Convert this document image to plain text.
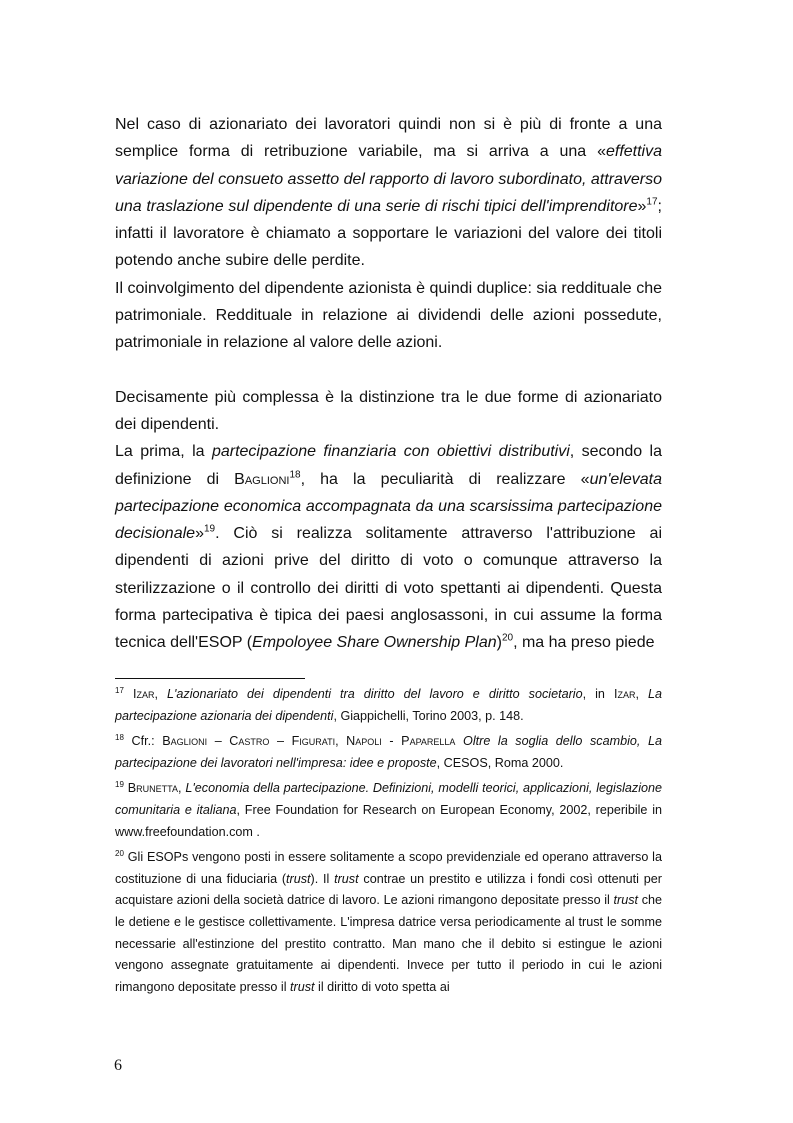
Nel caso di azionariato dei lavoratori quindi non si è più di fronte a una semplice forma di retribuzione variabile, ma si arriva a una «effettiva variazione del consueto assetto del rapporto di lavoro subordinato, attraverso una traslazione sul dipendente di una serie di rischi tipici dell'imprenditore»$^{17}$; infatti il lavoratore è chiamato a sopportare le variazioni del valore dei titoli potendo anche subire delle perdite.

Il coinvolgimento del dipendente azionista è quindi duplice: sia reddituale che patrimoniale. Reddituale in relazione ai dividendi delle azioni possedute, patrimoniale in relazione al valore delle azioni.

Decisamente più complessa è la distinzione tra le due forme di azionariato dei dipendenti.

La prima, la partecipazione finanziaria con obiettivi distributivi, secondo la definizione di Baglioni$^{18}$, ha la peculiarità di realizzare «un'elevata partecipazione economica accompagnata da una scarsissima partecipazione decisionale»$^{19}$. Ciò si realizza solitamente attraverso l'attribuzione ai dipendenti di azioni prive del diritto di voto o comunque attraverso la sterilizzazione o il controllo dei diritti di voto spettanti ai dipendenti. Questa forma partecipativa è tipica dei paesi anglosassoni, in cui assume la forma tecnica dell'ESOP (Empoloyee Share Ownership Plan)$^{20}$, ma ha preso piede

$^{17}$ Izar, L'azionariato dei dipendenti tra diritto del lavoro e diritto societario, in Izar, La partecipazione azionaria dei dipendenti, Giappichelli, Torino 2003, p. 148.

$^{18}$ Cfr.: Baglioni – Castro – Figurati, Napoli - Paparella Oltre la soglia dello scambio, La partecipazione dei lavoratori nell'impresa: idee e proposte, CESOS, Roma 2000.

$^{19}$ Brunetta, L'economia della partecipazione. Definizioni, modelli teorici, applicazioni, legislazione comunitaria e italiana, Free Foundation for Research on European Economy, 2002, reperibile in www.freefoundation.com .

$^{20}$ Gli ESOPs vengono posti in essere solitamente a scopo previdenziale ed operano attraverso la costituzione di una fiduciaria (trust). Il trust contrae un prestito e utilizza i fondi così ottenuti per acquistare azioni della società datrice di lavoro. Le azioni rimangono depositate presso il trust che le detiene e le gestisce collettivamente. L'impresa datrice versa periodicamente al trust le somme necessarie all'estinzione del prestito contratto. Man mano che il debito si estingue le azioni vengono assegnate gratuitamente ai dipendenti. Invece per tutto il periodo in cui le azioni rimangono depositate presso il trust il diritto di voto spetta ai

6
